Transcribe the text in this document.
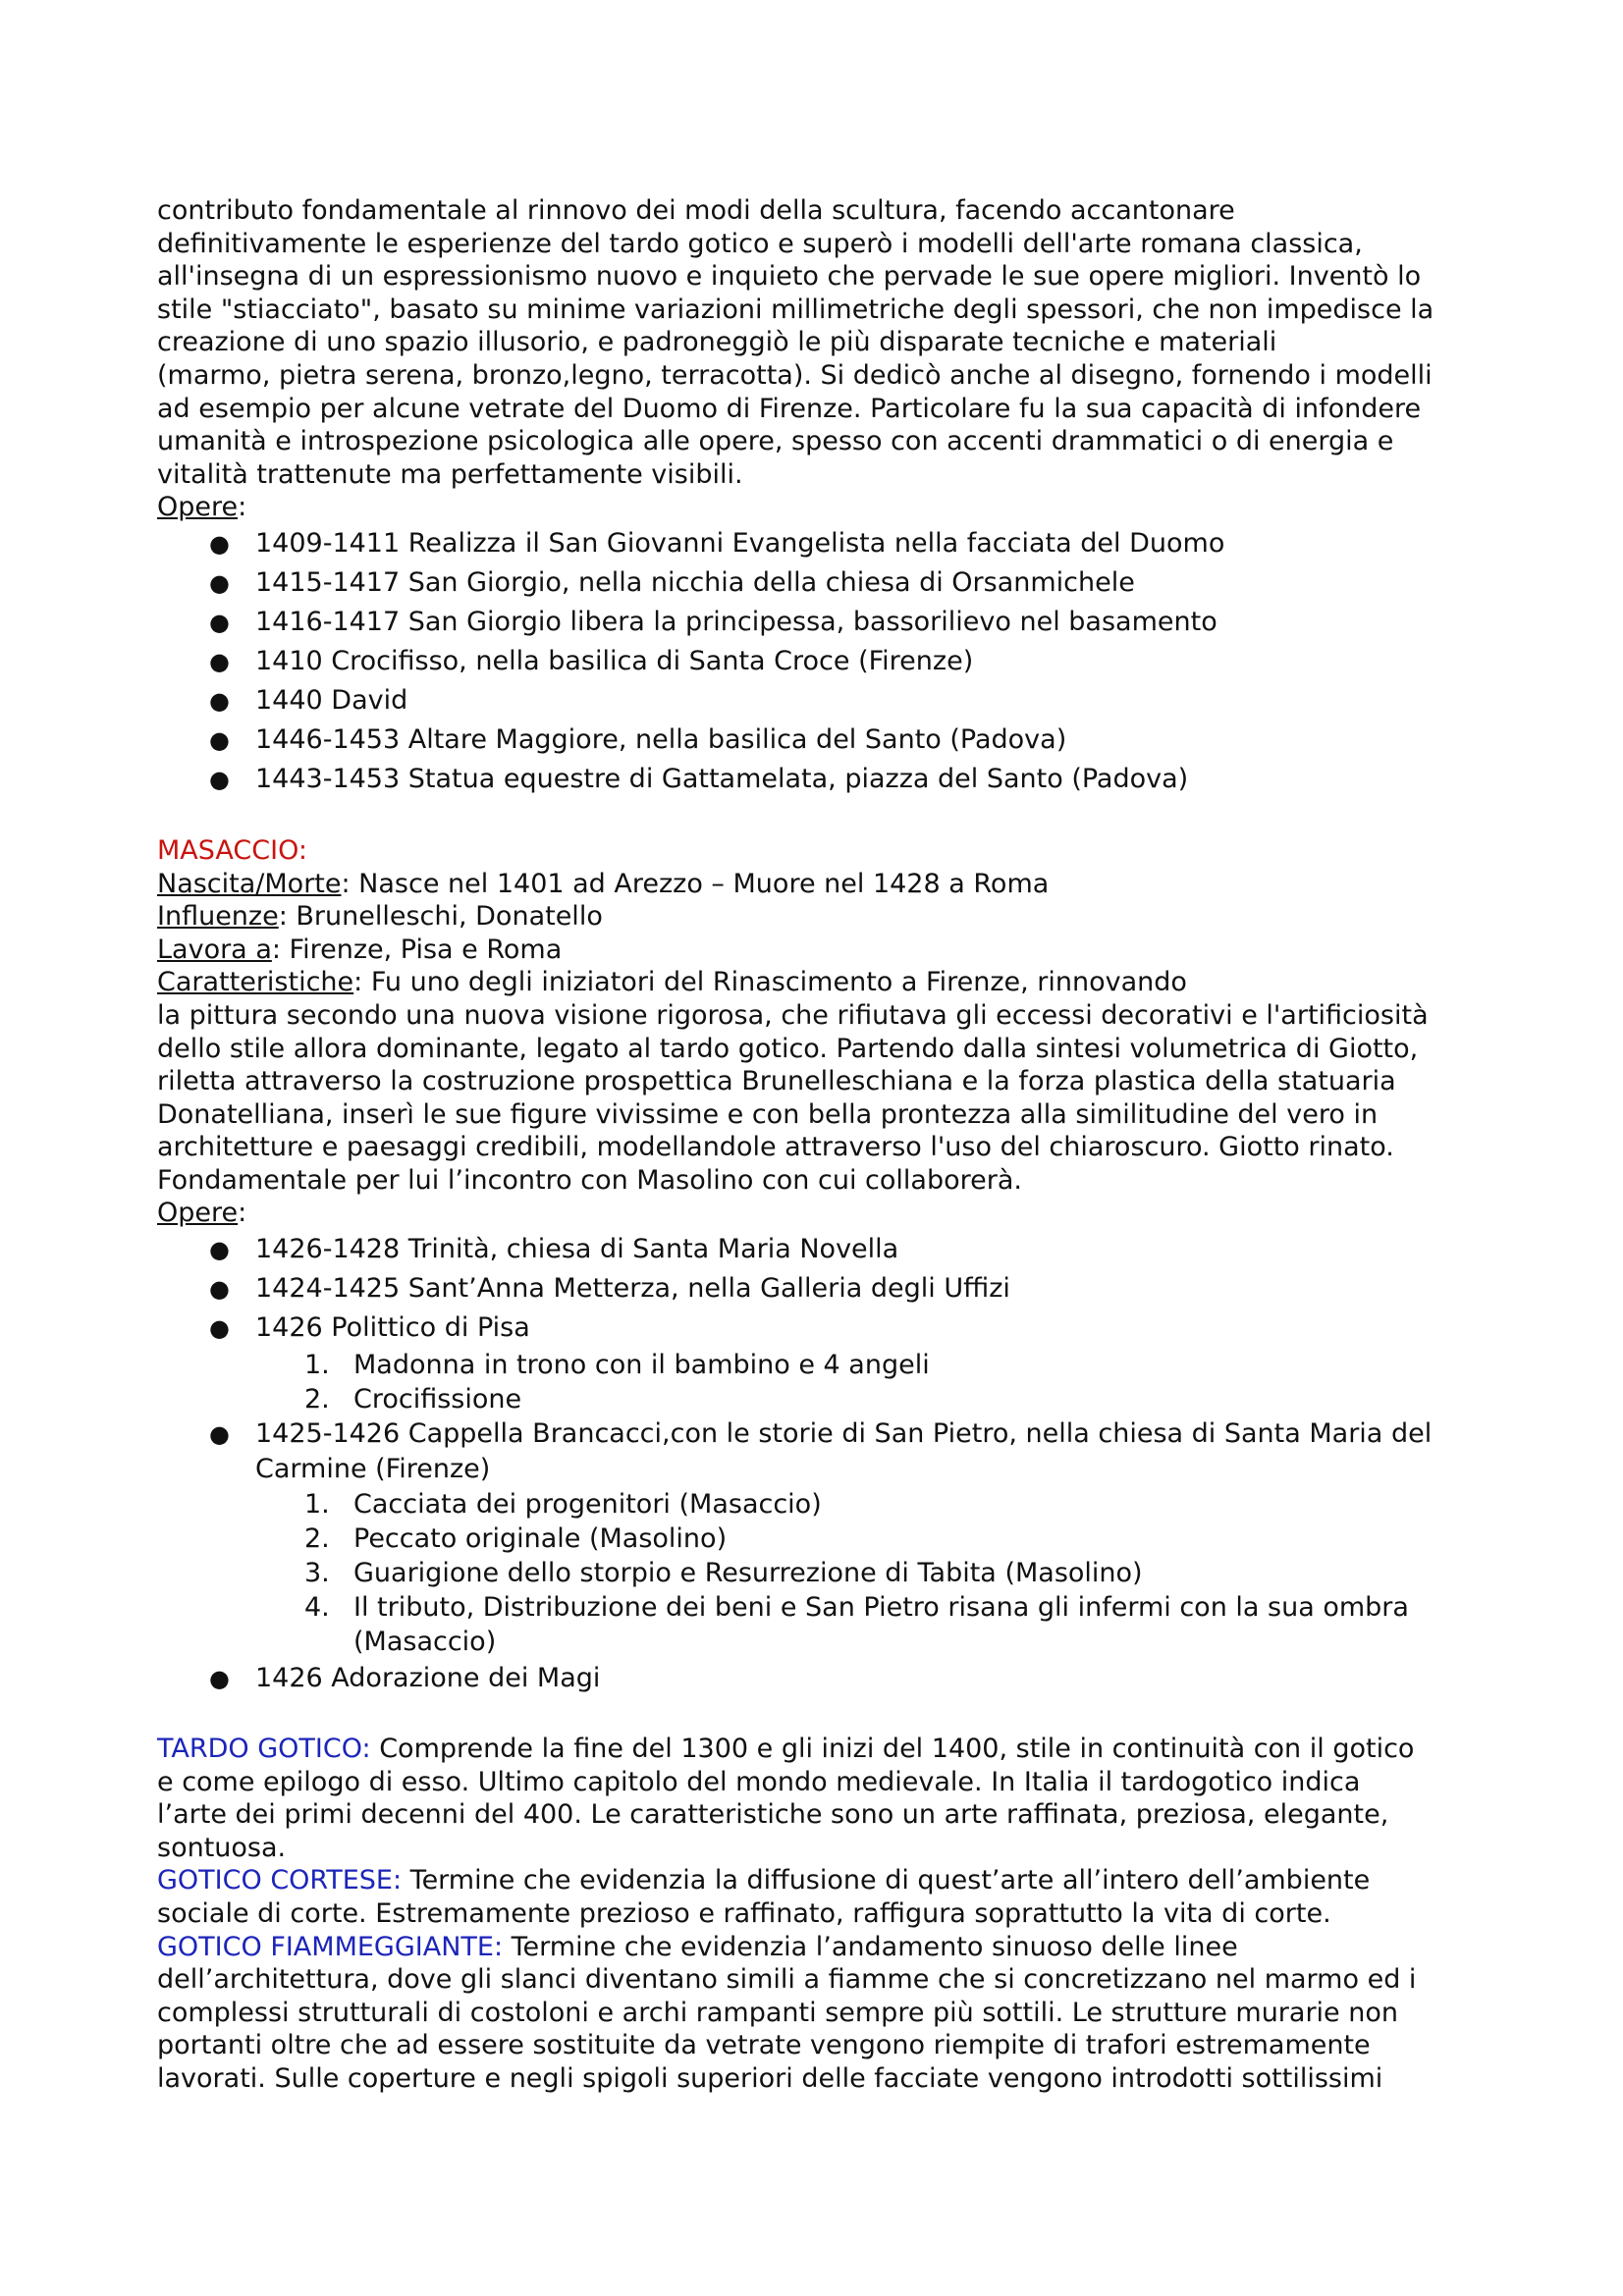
contributo fondamentale al rinnovo dei modi della scultura, facendo accantonare

definitivamente le esperienze del tardo gotico e superò i modelli dell'arte romana classica,

all'insegna di un espressionismo nuovo e inquieto che pervade le sue opere migliori. Inventò lo

stile "stiacciato", basato su minime variazioni millimetriche degli spessori, che non impedisce la

creazione di uno spazio illusorio, e padroneggiò le più disparate tecniche e materiali

(marmo, pietra serena, bronzo,legno, terracotta). Si dedicò anche al disegno, fornendo i modelli

ad esempio per alcune vetrate del Duomo di Firenze. Particolare fu la sua capacità di infondere

umanità e introspezione psicologica alle opere, spesso con accenti drammatici o di energia e

vitalità trattenute ma perfettamente visibili.

Opere:

● 1409-1411 Realizza il San Giovanni Evangelista nella facciata del Duomo
● 1415-1417 San Giorgio, nella nicchia della chiesa di Orsanmichele
● 1416-1417 San Giorgio libera la principessa, bassorilievo nel basamento
● 1410 Crocifisso, nella basilica di Santa Croce (Firenze)
● 1440 David
● 1446-1453 Altare Maggiore, nella basilica del Santo (Padova)
● 1443-1453 Statua equestre di Gattamelata, piazza del Santo (Padova)

MASACCIO:

Nascita/Morte: Nasce nel 1401 ad Arezzo – Muore nel 1428 a Roma

Influenze: Brunelleschi, Donatello

Lavora a: Firenze, Pisa e Roma

Caratteristiche: Fu uno degli iniziatori del Rinascimento a Firenze, rinnovando

la pittura secondo una nuova visione rigorosa, che rifiutava gli eccessi decorativi e l'artificiosità

dello stile allora dominante, legato al tardo gotico. Partendo dalla sintesi volumetrica di Giotto,

riletta attraverso la costruzione prospettica Brunelleschiana e la forza plastica della statuaria

Donatelliana, inserì le sue figure vivissime e con bella prontezza alla similitudine del vero in

architetture e paesaggi credibili, modellandole attraverso l'uso del chiaroscuro. Giotto rinato.

Fondamentale per lui l’incontro con Masolino con cui collaborerà.

Opere:

● 1426-1428 Trinità, chiesa di Santa Maria Novella
● 1424-1425 Sant’Anna Metterza, nella Galleria degli Uffizi
● 1426 Polittico di Pisa
1. Madonna in trono con il bambino e 4 angeli
2. Crocifissione
● 1425-1426 Cappella Brancacci,con le storie di San Pietro, nella chiesa di Santa Maria del
Carmine (Firenze)
1. Cacciata dei progenitori (Masaccio)
2. Peccato originale (Masolino)
3. Guarigione dello storpio e Resurrezione di Tabita (Masolino)
4. Il tributo, Distribuzione dei beni e San Pietro risana gli infermi con la sua ombra
(Masaccio)
● 1426 Adorazione dei Magi

TARDO GOTICO: Comprende la fine del 1300 e gli inizi del 1400, stile in continuità con il gotico

e come epilogo di esso. Ultimo capitolo del mondo medievale. In Italia il tardogotico indica

l’arte dei primi decenni del 400. Le caratteristiche sono un arte raffinata, preziosa, elegante,

sontuosa.

GOTICO CORTESE: Termine che evidenzia la diffusione di quest’arte all’intero dell’ambiente

sociale di corte. Estremamente prezioso e raffinato, raffigura soprattutto la vita di corte.

GOTICO FIAMMEGGIANTE: Termine che evidenzia l’andamento sinuoso delle linee

dell’architettura, dove gli slanci diventano simili a fiamme che si concretizzano nel marmo ed i

complessi strutturali di costoloni e archi rampanti sempre più sottili. Le strutture murarie non

portanti oltre che ad essere sostituite da vetrate vengono riempite di trafori estremamente

lavorati. Sulle coperture e negli spigoli superiori delle facciate vengono introdotti sottilissimi
